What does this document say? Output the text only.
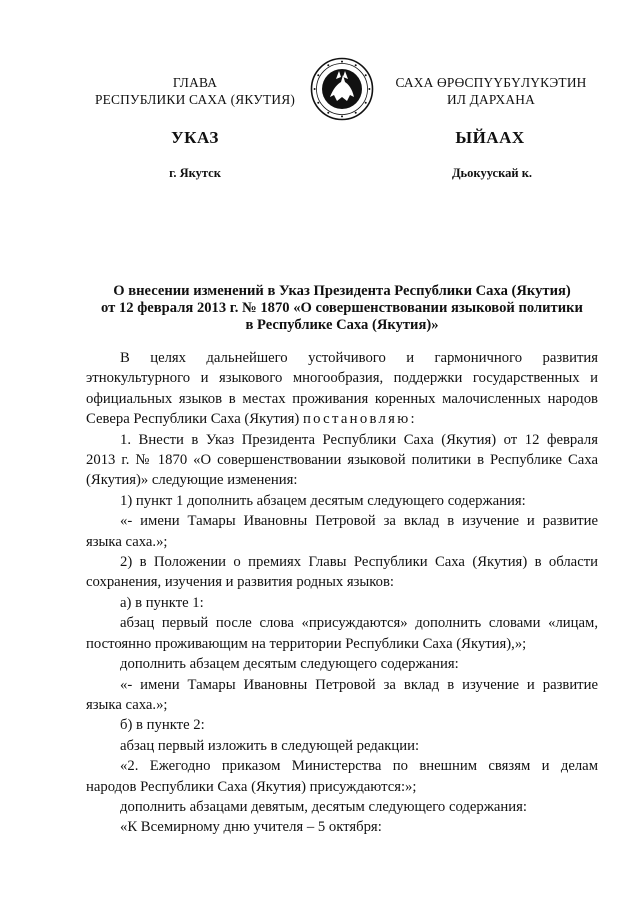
ГЛАВА
РЕСПУБЛИКИ САХА (ЯКУТИЯ)
САХА ӨРӨСПҮҮБҮЛҮКЭТИН
ИЛ ДАРХАНА
УКАЗ	ЫЙААХ
г. Якутск	Дьокуускай к.
О внесении изменений в Указ Президента Республики Саха (Якутия)
от 12 февраля 2013 г. № 1870 «О совершенствовании языковой политики
в Республике Саха (Якутия)»

В целях дальнейшего устойчивого и гармоничного развития

этнокультурного и языкового многообразия, поддержки государственных и

официальных языков в местах проживания коренных малочисленных народов

Севера Республики Саха (Якутия) постановляю:

1. Внести в Указ Президента Республики Саха (Якутия) от 12 февраля

2013 г. № 1870 «О совершенствовании языковой политики в Республике Саха

(Якутия)» следующие изменения:

1) пункт 1 дополнить абзацем десятым следующего содержания:

«- имени Тамары Ивановны Петровой за вклад в изучение и развитие

языка саха.»;

2) в Положении о премиях Главы Республики Саха (Якутия) в области

сохранения, изучения и развития родных языков:

а) в пункте 1:

абзац первый после слова «присуждаются» дополнить словами «лицам,

постоянно проживающим на территории Республики Саха (Якутия),»;

дополнить абзацем десятым следующего содержания:

«- имени Тамары Ивановны Петровой за вклад в изучение и развитие

языка саха.»;

б) в пункте 2:

абзац первый изложить в следующей редакции:

«2. Ежегодно приказом Министерства по внешним связям и делам

народов Республики Саха (Якутия) присуждаются:»;

дополнить абзацами девятым, десятым следующего содержания:

«К Всемирному дню учителя – 5 октября:
